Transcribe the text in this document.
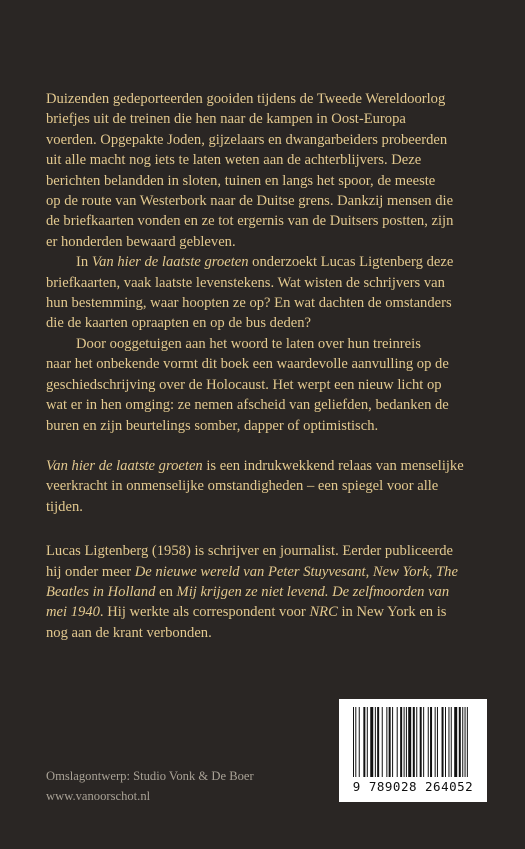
Duizenden gedeporteerden gooiden tijdens de Tweede Wereldoorlog
briefjes uit de treinen die hen naar de kampen in Oost-Europa
voerden. Opgepakte Joden, gijzelaars en dwangarbeiders probeerden
uit alle macht nog iets te laten weten aan de achterblijvers. Deze
berichten belandden in sloten, tuinen en langs het spoor, de meeste
op de route van Westerbork naar de Duitse grens. Dankzij mensen die
de briefkaarten vonden en ze tot ergernis van de Duitsers postten, zijn
er honderden bewaard gebleven.

In Van hier de laatste groeten onderzoekt Lucas Ligtenberg deze
briefkaarten, vaak laatste levenstekens. Wat wisten de schrijvers van
hun bestemming, waar hoopten ze op? En wat dachten de omstanders
die de kaarten opraapten en op de bus deden?

Door ooggetuigen aan het woord te laten over hun treinreis
naar het onbekende vormt dit boek een waardevolle aanvulling op de
geschiedschrijving over de Holocaust. Het werpt een nieuw licht op
wat er in hen omging: ze nemen afscheid van geliefden, bedanken de
buren en zijn beurtelings somber, dapper of optimistisch.

Van hier de laatste groeten is een indrukwekkend relaas van menselijke
veerkracht in onmenselijke omstandigheden – een spiegel voor alle
tijden.

Lucas Ligtenberg (1958) is schrijver en journalist. Eerder publiceerde
hij onder meer De nieuwe wereld van Peter Stuyvesant, New York, The
Beatles in Holland en Mij krijgen ze niet levend. De zelfmoorden van
mei 1940. Hij werkte als correspondent voor NRC in New York en is
nog aan de krant verbonden.

Omslagontwerp: Studio Vonk & De Boer
www.vanoorschot.nl
9 789028 264052
